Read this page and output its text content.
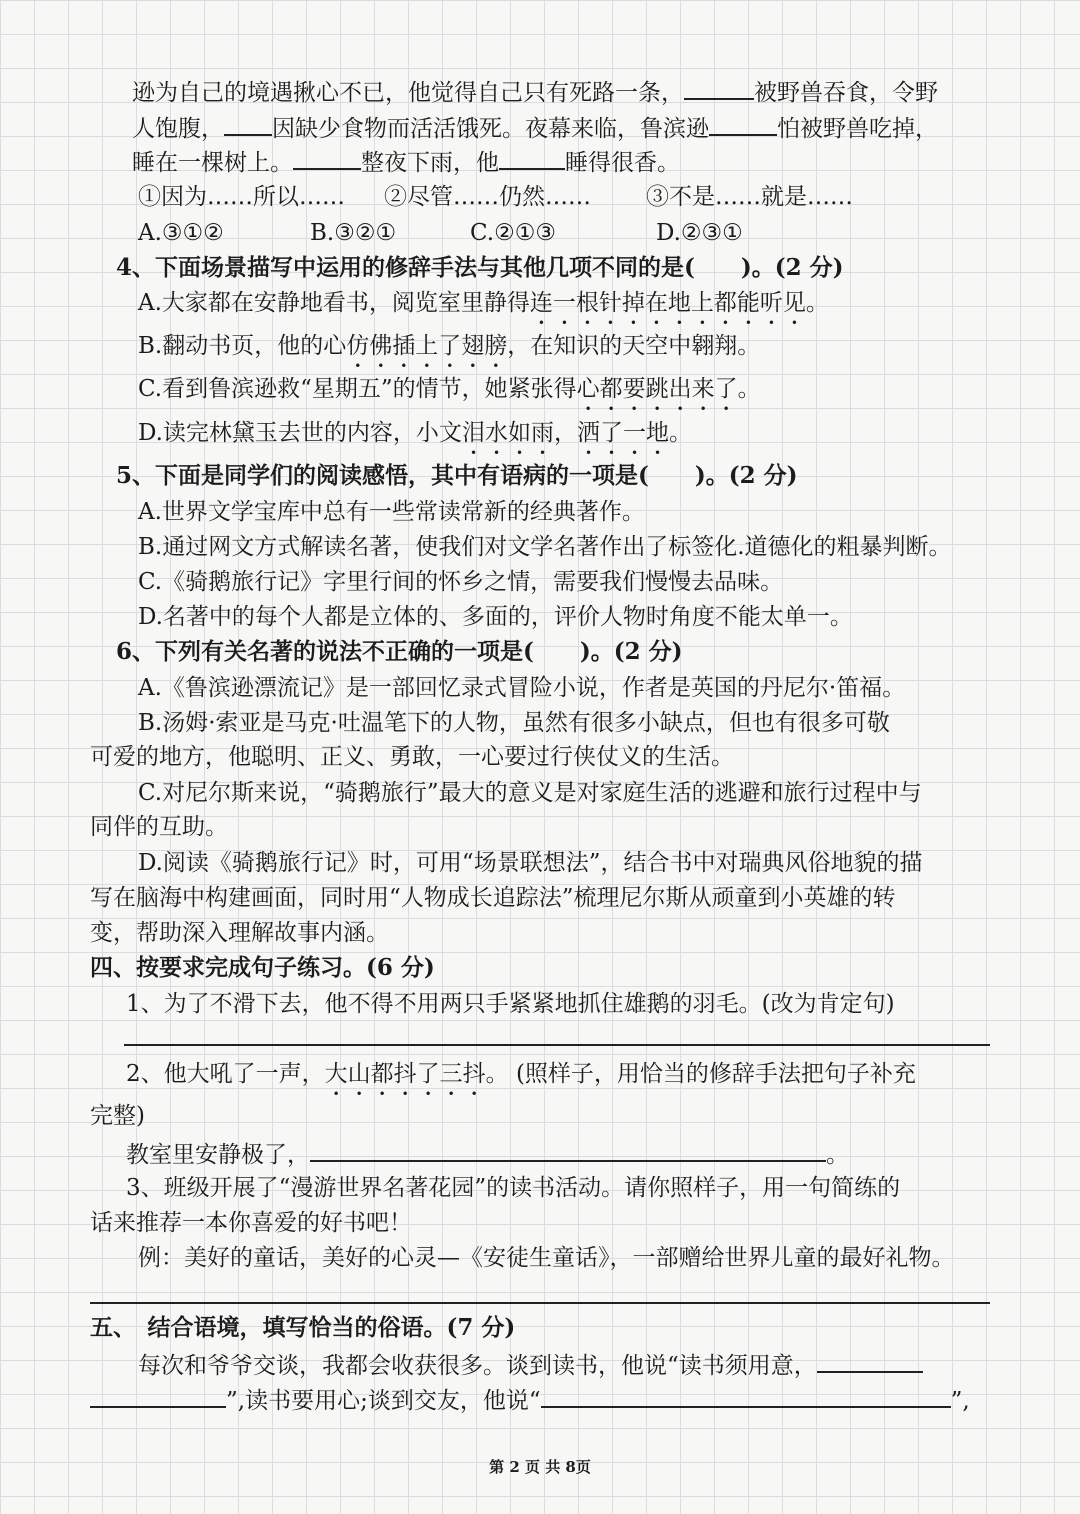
逊为自己的境遇揪心不已，他觉得自己只有死路一条，	被野兽吞食，令野
人饱腹， 因缺少食物而活活饿死。夜幕来临，鲁滨逊	怕被野兽吃掉，
睡在一棵树上。	整夜下雨，他	睡得很香。
①因为……所以…… ②尽管……仍然…… ③不是……就是……
A.③①②	B.③②①	C.②①③	D.②③①
4、下面场景描写中运用的修辞手法与其他几项不同的是(　　)。(2 分)
A.大家都在安静地看书，阅览室里静得连一根针掉在地上都能听见。
B.翻动书页，他的心仿佛插上了翅膀，在知识的天空中翱翔。
C.看到鲁滨逊救“星期五”的情节，她紧张得心都要跳出来了。
D.读完林黛玉去世的内容，小文泪水如雨，洒了一地。
5、下面是同学们的阅读感悟，其中有语病的一项是(　　)。(2 分)
A.世界文学宝库中总有一些常读常新的经典著作。
B.通过网文方式解读名著，使我们对文学名著作出了标签化.道德化的粗暴判断。
C.《骑鹅旅行记》字里行间的怀乡之情，需要我们慢慢去品味。
D.名著中的每个人都是立体的、多面的，评价人物时角度不能太单一。
6、下列有关名著的说法不正确的一项是(　　)。(2 分)
A.《鲁滨逊漂流记》是一部回忆录式冒险小说，作者是英国的丹尼尔·笛福。
B.汤姆·索亚是马克·吐温笔下的人物，虽然有很多小缺点，但也有很多可敬
可爱的地方，他聪明、正义、勇敢，一心要过行侠仗义的生活。
C.对尼尔斯来说，“骑鹅旅行”最大的意义是对家庭生活的逃避和旅行过程中与
同伴的互助。
D.阅读《骑鹅旅行记》时，可用“场景联想法”，结合书中对瑞典风俗地貌的描
写在脑海中构建画面，同时用“人物成长追踪法”梳理尼尔斯从顽童到小英雄的转
变，帮助深入理解故事内涵。
四、按要求完成句子练习。(6 分)
1、为了不滑下去，他不得不用两只手紧紧地抓住雄鹅的羽毛。(改为肯定句)
2、他大吼了一声，大山都抖了三抖。 (照样子，用恰当的修辞手法把句子补充
完整)
教室里安静极了，	。
3、班级开展了“漫游世界名著花园”的读书活动。请你照样子，用一句简练的
话来推荐一本你喜爱的好书吧！
例：美好的童话，美好的心灵—《安徒生童话》，一部赠给世界儿童的最好礼物。
五、　结合语境，填写恰当的俗语。(7 分)
每次和爷爷交谈，我都会收获很多。谈到读书，他说“读书须用意，
”,读书要用心;谈到交友，他说“	”,
第 2 页 共 8页
